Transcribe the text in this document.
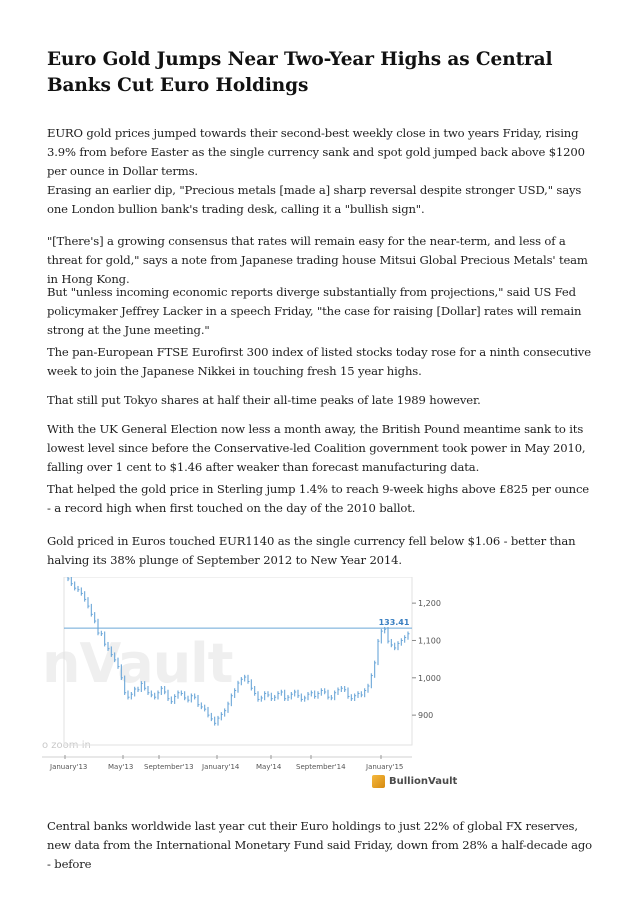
Euro Gold Jumps Near Two-Year Highs as Central Banks Cut Euro Holdings

EURO gold prices jumped towards their second-best weekly close in two years Friday, rising 3.9% from before Easter as the single currency sank and spot gold jumped back above $1200 per ounce in Dollar terms.

Erasing an earlier dip, "Precious metals [made a] sharp reversal despite stronger USD," says one London bullion bank's trading desk, calling it a "bullish sign".

"[There's] a growing consensus that rates will remain easy for the near-term, and less of a threat for gold," says a note from Japanese trading house Mitsui Global Precious Metals' team in Hong Kong.

But "unless incoming economic reports diverge substantially from projections," said US Fed policymaker Jeffrey Lacker in a speech Friday, "the case for raising [Dollar] rates will remain strong at the June meeting."

The pan-European FTSE Eurofirst 300 index of listed stocks today rose for a ninth consecutive week to join the Japanese Nikkei in touching fresh 15 year highs.

That still put Tokyo shares at half their all-time peaks of late 1989 however.

With the UK General Election now less a month away, the British Pound meantime sank to its lowest level since before the Conservative-led Coalition government took power in May 2010, falling over 1 cent to $1.46 after weaker than forecast manufacturing data.

That helped the gold price in Sterling jump 1.4% to reach 9-week highs above £825 per ounce - a record high when first touched on the day of the 2010 ballot.

Gold priced in Euros touched EUR1140 as the single currency fell below $1.06 - better than halving its 38% plunge of September 2012 to New Year 2014.

Central banks worldwide last year cut their Euro holdings to just 22% of global FX reserves, new data from the International Monetary Fund said Friday, down from 28% a half-decade ago - before

nVault
o zoom in
1,200
1,100
1,000
900
133.41
January'13	May'13 September'13 January'14 May'14 September'14	January'15
BullionVault
